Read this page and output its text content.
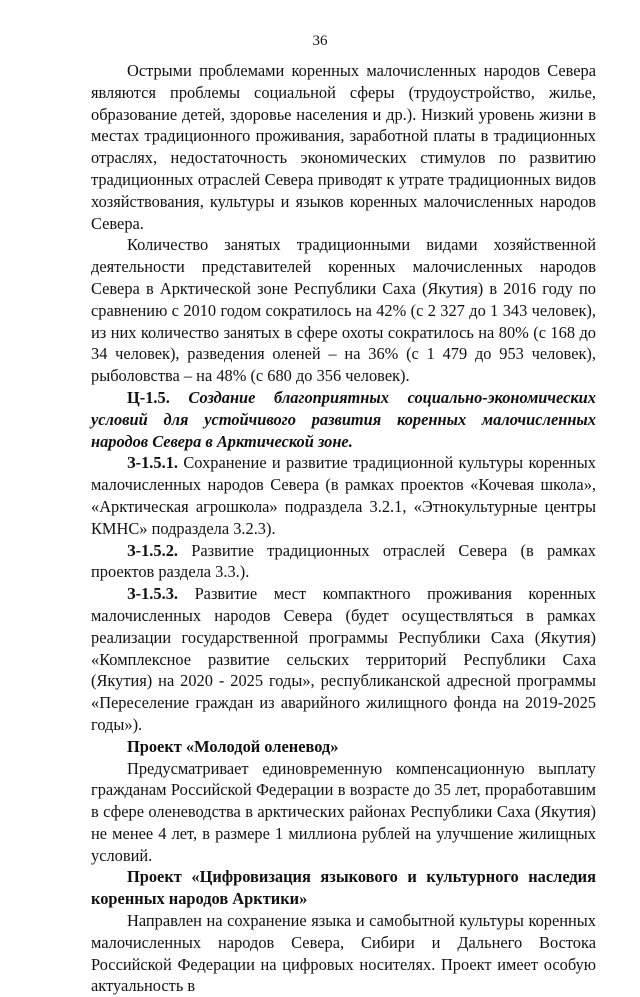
36

Острыми проблемами коренных малочисленных народов Севера являются проблемы социальной сферы (трудоустройство, жилье, образование детей, здоровье населения и др.). Низкий уровень жизни в местах традиционного проживания, заработной платы в традиционных отраслях, недостаточность экономических стимулов по развитию традиционных отраслей Севера приводят к утрате традиционных видов хозяйствования, культуры и языков коренных малочисленных народов Севера.

Количество занятых традиционными видами хозяйственной деятельности представителей коренных малочисленных народов Севера в Арктической зоне Республики Саха (Якутия) в 2016 году по сравнению с 2010 годом сократилось на 42% (с 2 327 до 1 343 человек), из них количество занятых в сфере охоты сократилось на 80% (с 168 до 34 человек), разведения оленей – на 36% (с 1 479 до 953 человек), рыболовства – на 48% (с 680 до 356 человек).

Ц-1.5. Создание благоприятных социально-экономических условий для устойчивого развития коренных малочисленных народов Севера в Арктической зоне.

З-1.5.1. Сохранение и развитие традиционной культуры коренных малочисленных народов Севера (в рамках проектов «Кочевая школа», «Арктическая агрошкола» подраздела 3.2.1, «Этнокультурные центры КМНС» подраздела 3.2.3).

З-1.5.2. Развитие традиционных отраслей Севера (в рамках проектов раздела 3.3.).

З-1.5.3. Развитие мест компактного проживания коренных малочисленных народов Севера (будет осуществляться в рамках реализации государственной программы Республики Саха (Якутия) «Комплексное развитие сельских территорий Республики Саха (Якутия) на 2020 - 2025 годы», республиканской адресной программы «Переселение граждан из аварийного жилищного фонда на 2019-2025 годы»).

Проект «Молодой оленевод»

Предусматривает единовременную компенсационную выплату гражданам Российской Федерации в возрасте до 35 лет, проработавшим в сфере оленеводства в арктических районах Республики Саха (Якутия) не менее 4 лет, в размере 1 миллиона рублей на улучшение жилищных условий.

Проект «Цифровизация языкового и культурного наследия коренных народов Арктики»

Направлен на сохранение языка и самобытной культуры коренных малочисленных народов Севера, Сибири и Дальнего Востока Российской Федерации на цифровых носителях. Проект имеет особую актуальность в
